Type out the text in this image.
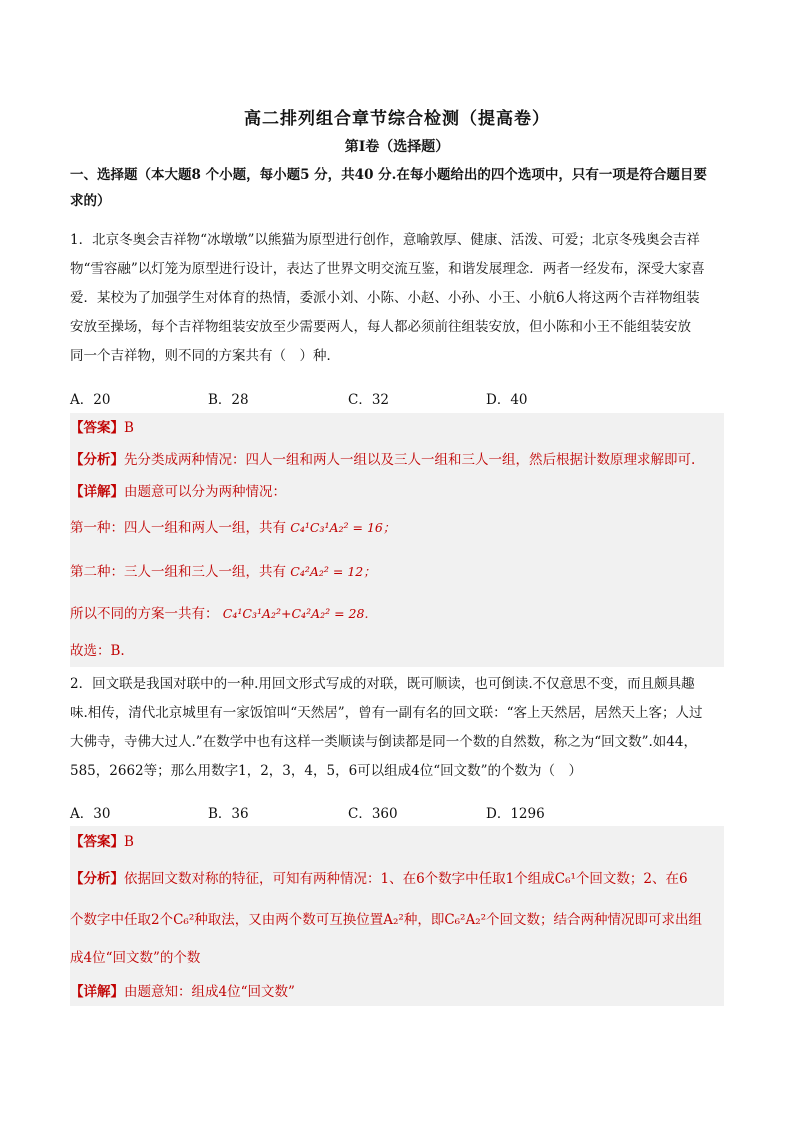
高二排列组合章节综合检测（提高卷）
第I卷（选择题）
一、选择题（本大题8 个小题，每小题5 分，共40 分.在每小题给出的四个选项中，只有一项是符合题目要
求的）
1．北京冬奥会吉祥物“冰墩墩”以熊猫为原型进行创作，意喻敦厚、健康、活泼、可爱；北京冬残奥会吉祥
物“雪容融”以灯笼为原型进行设计，表达了世界文明交流互鉴，和谐发展理念．两者一经发布，深受大家喜
爱．某校为了加强学生对体育的热情，委派小刘、小陈、小赵、小孙、小王、小航6人将这两个吉祥物组装
安放至操场，每个吉祥物组装安放至少需要两人，每人都必须前往组装安放，但小陈和小王不能组装安放
同一个吉祥物，则不同的方案共有（　）种．
A．20	B．28	C．32	D．40
【答案】B
【分析】先分类成两种情况：四人一组和两人一组以及三人一组和三人一组，然后根据计数原理求解即可.
【详解】由题意可以分为两种情况：
第一种：四人一组和两人一组，共有 C₄¹C₃¹A₂² = 16；
第二种：三人一组和三人一组，共有 C₄²A₂² = 12；
所以不同的方案一共有： C₄¹C₃¹A₂²+C₄²A₂² = 28.
故选：B.
2．回文联是我国对联中的一种.用回文形式写成的对联，既可顺读，也可倒读.不仅意思不变，而且颇具趣
味.相传，清代北京城里有一家饭馆叫“天然居”，曾有一副有名的回文联：“客上天然居，居然天上客；人过
大佛寺，寺佛大过人.”在数学中也有这样一类顺读与倒读都是同一个数的自然数，称之为“回文数”.如44，
585，2662等；那么用数字1，2，3，4，5，6可以组成4位“回文数”的个数为（　）
A．30	B．36	C．360	D．1296
【答案】B
【分析】依据回文数对称的特征，可知有两种情况：1、在6个数字中任取1个组成C₆¹个回文数；2、在6
个数字中任取2个C₆²种取法，又由两个数可互换位置A₂²种，即C₆²A₂²个回文数；结合两种情况即可求出组
成4位“回文数”的个数
【详解】由题意知：组成4位“回文数”
